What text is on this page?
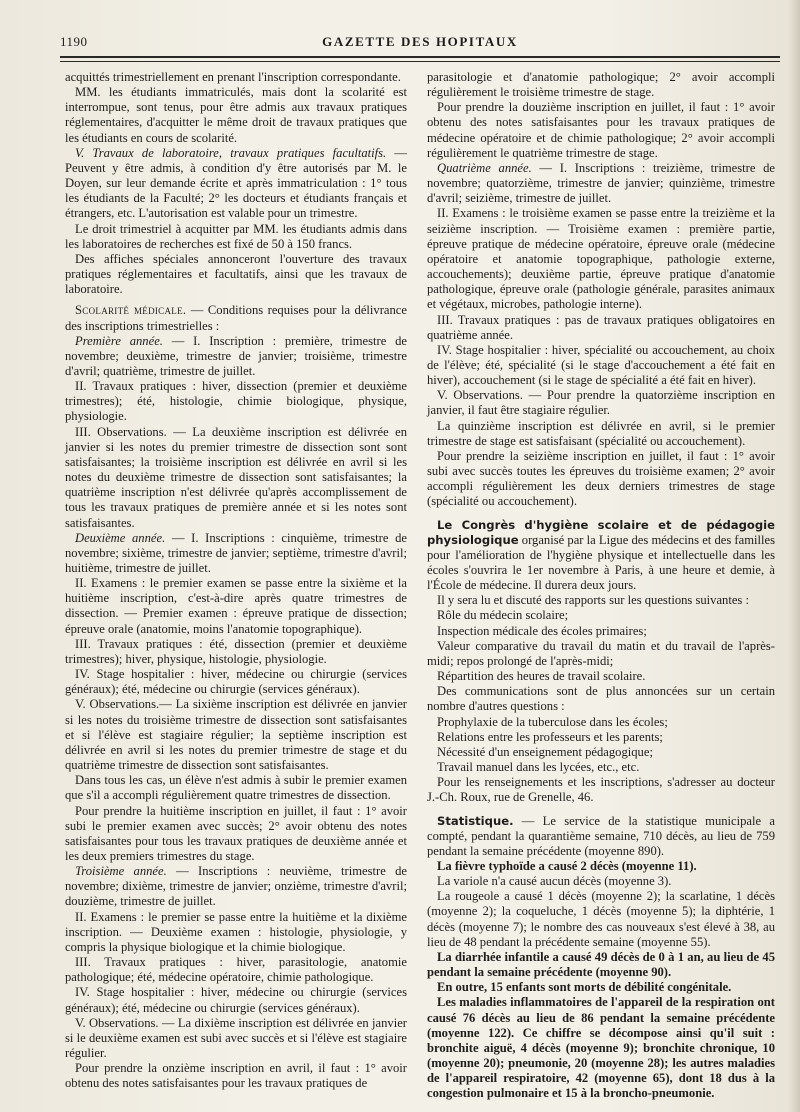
1190	GAZETTE DES HOPITAUX

acquittés trimestriellement en prenant l'inscription correspondante.

MM. les étudiants immatriculés, mais dont la scolarité est interrompue, sont tenus, pour être admis aux travaux pratiques réglementaires, d'acquitter le même droit de travaux pratiques que les étudiants en cours de scolarité.

V. Travaux de laboratoire, travaux pratiques facultatifs. — Peuvent y être admis, à condition d'y être autorisés par M. le Doyen, sur leur demande écrite et après immatriculation : 1° tous les étudiants de la Faculté; 2° les docteurs et étudiants français et étrangers, etc. L'autorisation est valable pour un trimestre.

Le droit trimestriel à acquitter par MM. les étudiants admis dans les laboratoires de recherches est fixé de 50 à 150 francs.

Des affiches spéciales annonceront l'ouverture des travaux pratiques réglementaires et facultatifs, ainsi que les travaux de laboratoire.

Scolarité médicale. — Conditions requises pour la délivrance des inscriptions trimestrielles :

Première année. — I. Inscription : première, trimestre de novembre; deuxième, trimestre de janvier; troisième, trimestre d'avril; quatrième, trimestre de juillet.

II. Travaux pratiques : hiver, dissection (premier et deuxième trimestres); été, histologie, chimie biologique, physique, physiologie.

III. Observations. — La deuxième inscription est délivrée en janvier si les notes du premier trimestre de dissection sont sont satisfaisantes; la troisième inscription est délivrée en avril si les notes du deuxième trimestre de dissection sont satisfaisantes; la quatrième inscription n'est délivrée qu'après accomplissement de tous les travaux pratiques de première année et si les notes sont satisfaisantes.

Deuxième année. — I. Inscriptions : cinquième, trimestre de novembre; sixième, trimestre de janvier; septième, trimestre d'avril; huitième, trimestre de juillet.

II. Examens : le premier examen se passe entre la sixième et la huitième inscription, c'est-à-dire après quatre trimestres de dissection. — Premier examen : épreuve pratique de dissection; épreuve orale (anatomie, moins l'anatomie topographique).

III. Travaux pratiques : été, dissection (premier et deuxième trimestres); hiver, physique, histologie, physiologie.

IV. Stage hospitalier : hiver, médecine ou chirurgie (services généraux); été, médecine ou chirurgie (services généraux).

V. Observations.— La sixième inscription est délivrée en janvier si les notes du troisième trimestre de dissection sont satisfaisantes et si l'élève est stagiaire régulier; la septième inscription est délivrée en avril si les notes du premier trimestre de stage et du quatrième trimestre de dissection sont satisfaisantes.

Dans tous les cas, un élève n'est admis à subir le premier examen que s'il a accompli régulièrement quatre trimestres de dissection.

Pour prendre la huitième inscription en juillet, il faut : 1° avoir subi le premier examen avec succès; 2° avoir obtenu des notes satisfaisantes pour tous les travaux pratiques de deuxième année et les deux premiers trimestres du stage.

Troisième année. — Inscriptions : neuvième, trimestre de novembre; dixième, trimestre de janvier; onzième, trimestre d'avril; douzième, trimestre de juillet.

II. Examens : le premier se passe entre la huitième et la dixième inscription. — Deuxième examen : histologie, physiologie, y compris la physique biologique et la chimie biologique.

III. Travaux pratiques : hiver, parasitologie, anatomie pathologique; été, médecine opératoire, chimie pathologique.

IV. Stage hospitalier : hiver, médecine ou chirurgie (services généraux); été, médecine ou chirurgie (services généraux).

V. Observations. — La dixième inscription est délivrée en janvier si le deuxième examen est subi avec succès et si l'élève est stagiaire régulier.

Pour prendre la onzième inscription en avril, il faut : 1° avoir obtenu des notes satisfaisantes pour les travaux pratiques de

parasitologie et d'anatomie pathologique; 2° avoir accompli régulièrement le troisième trimestre de stage.

Pour prendre la douzième inscription en juillet, il faut : 1° avoir obtenu des notes satisfaisantes pour les travaux pratiques de médecine opératoire et de chimie pathologique; 2° avoir accompli régulièrement le quatrième trimestre de stage.

Quatrième année. — I. Inscriptions : treizième, trimestre de novembre; quatorzième, trimestre de janvier; quinzième, trimestre d'avril; seizième, trimestre de juillet.

II. Examens : le troisième examen se passe entre la treizième et la seizième inscription. — Troisième examen : première partie, épreuve pratique de médecine opératoire, épreuve orale (médecine opératoire et anatomie topographique, pathologie externe, accouchements); deuxième partie, épreuve pratique d'anatomie pathologique, épreuve orale (pathologie générale, parasites animaux et végétaux, microbes, pathologie interne).

III. Travaux pratiques : pas de travaux pratiques obligatoires en quatrième année.

IV. Stage hospitalier : hiver, spécialité ou accouchement, au choix de l'élève; été, spécialité (si le stage d'accouchement a été fait en hiver), accouchement (si le stage de spécialité a été fait en hiver).

V. Observations. — Pour prendre la quatorzième inscription en janvier, il faut être stagiaire régulier.

La quinzième inscription est délivrée en avril, si le premier trimestre de stage est satisfaisant (spécialité ou accouchement).

Pour prendre la seizième inscription en juillet, il faut : 1° avoir subi avec succès toutes les épreuves du troisième examen; 2° avoir accompli régulièrement les deux derniers trimestres de stage (spécialité ou accouchement).

Le Congrès d'hygiène scolaire et de pédagogie physiologique organisé par la Ligue des médecins et des familles pour l'amélioration de l'hygiène physique et intellectuelle dans les écoles s'ouvrira le 1er novembre à Paris, à une heure et demie, à l'École de médecine. Il durera deux jours.

Il y sera lu et discuté des rapports sur les questions suivantes :

Rôle du médecin scolaire;

Inspection médicale des écoles primaires;

Valeur comparative du travail du matin et du travail de l'après-midi; repos prolongé de l'après-midi;

Répartition des heures de travail scolaire.

Des communications sont de plus annoncées sur un certain nombre d'autres questions :

Prophylaxie de la tuberculose dans les écoles;

Relations entre les professeurs et les parents;

Nécessité d'un enseignement pédagogique;

Travail manuel dans les lycées, etc., etc.

Pour les renseignements et les inscriptions, s'adresser au docteur J.-Ch. Roux, rue de Grenelle, 46.

Statistique. — Le service de la statistique municipale a compté, pendant la quarantième semaine, 710 décès, au lieu de 759 pendant la semaine précédente (moyenne 890).

La fièvre typhoïde a causé 2 décès (moyenne 11).

La variole n'a causé aucun décès (moyenne 3).

La rougeole a causé 1 décès (moyenne 2); la scarlatine, 1 décès (moyenne 2); la coqueluche, 1 décès (moyenne 5); la diphtérie, 1 décès (moyenne 7); le nombre des cas nouveaux s'est élevé à 38, au lieu de 48 pendant la précédente semaine (moyenne 55).

La diarrhée infantile a causé 49 décès de 0 à 1 an, au lieu de 45 pendant la semaine précédente (moyenne 90).

En outre, 15 enfants sont morts de débilité congénitale.

Les maladies inflammatoires de l'appareil de la respiration ont causé 76 décès au lieu de 86 pendant la semaine précédente (moyenne 122). Ce chiffre se décompose ainsi qu'il suit : bronchite aiguë, 4 décès (moyenne 9); bronchite chronique, 10 (moyenne 20); pneumonie, 20 (moyenne 28); les autres maladies de l'appareil respiratoire, 42 (moyenne 65), dont 18 dus à la congestion pulmonaire et 15 à la broncho-pneumonie.
